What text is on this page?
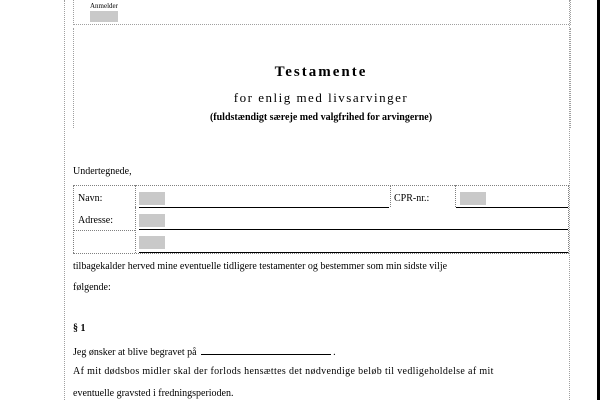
Anmelder
Testamente
for enlig med livsarvinger
(fuldstændigt særeje med valgfrihed for arvingerne)
Undertegnede,
Navn:	CPR-nr.:
Adresse:
tilbagekalder herved mine eventuelle tidligere testamenter og bestemmer som min sidste vilje
følgende:
§ 1
Jeg ønsker at blive begravet på	.
Af mit dødsbos midler skal der forlods hensættes det nødvendige beløb til vedligeholdelse af mit
eventuelle gravsted i fredningsperioden.
